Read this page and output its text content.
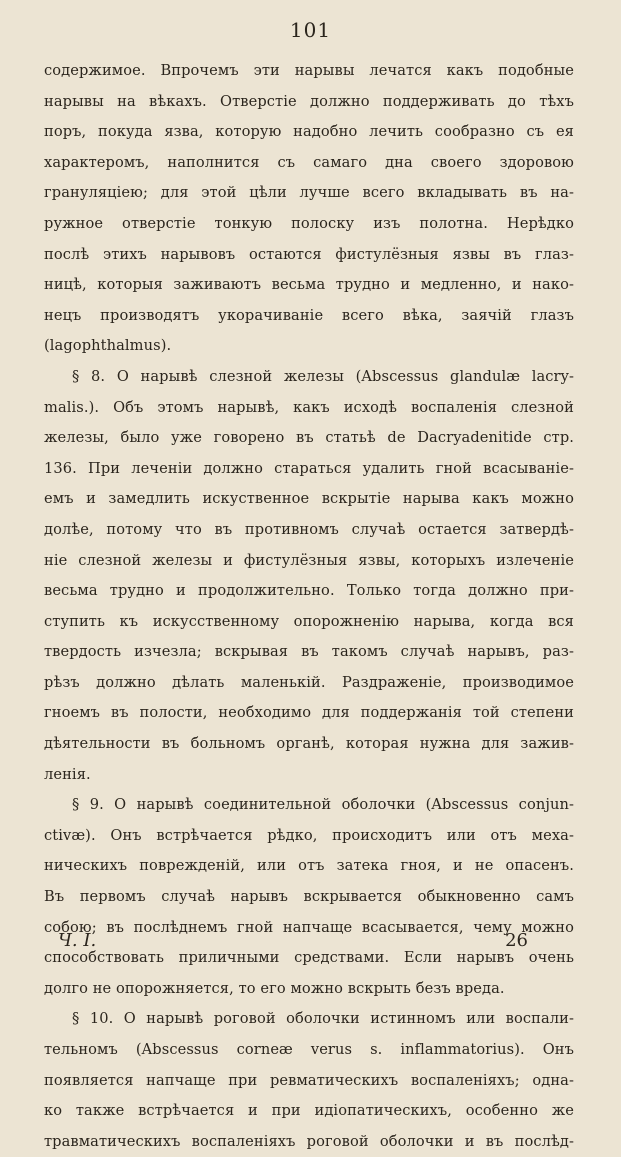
101
содержимое. Впрочемъ эти нарывы лечатся какъ подобные
нарывы на вѣкахъ. Отверстіе должно поддерживать до тѣхъ
поръ, покуда язва, которую надобно лечить сообразно съ ея
характеромъ, наполнится съ самаго дна своего здоровою
грануляціею; для этой цѣли лучше всего вкладывать въ на-
ружное отверстіе тонкую полоску изъ полотна. Нерѣдко
послѣ этихъ нарывовъ остаются фистулёзныя язвы въ глаз-
ницѣ, которыя заживаютъ весьма трудно и медленно, и нако-
нецъ производятъ укорачиваніе всего вѣка, заячій глазъ
(lagophthalmus).
§ 8. О нарывѣ слезной железы (Abscessus glandulæ lacry-
malis.). Объ этомъ нарывѣ, какъ исходѣ воспаленія слезной
железы, было уже говорено въ статьѣ de Dacryadenitide стр.
136. При леченіи должно стараться удалить гной всасываніе-
емъ и замедлить искуственное вскрытіе нарыва какъ можно
долѣе, потому что въ противномъ случаѣ остается затвердѣ-
ніе слезной железы и фистулёзныя язвы, которыхъ излеченіе
весьма трудно и продолжительно. Только тогда должно при-
ступить къ искусственному опорожненію нарыва, когда вся
твердость изчезла; вскрывая въ такомъ случаѣ нарывъ, раз-
рѣзъ должно дѣлать маленькій. Раздраженіе, производимое
гноемъ въ полости, необходимо для поддержанія той степени
дѣятельности въ больномъ органѣ, которая нужна для зажив-
ленія.
§ 9. О нарывѣ соединительной оболочки (Abscessus conjun-
ctivæ). Онъ встрѣчается рѣдко, происходитъ или отъ меха-
ническихъ поврежденій, или отъ затека гноя, и не опасенъ.
Въ первомъ случаѣ нарывъ вскрывается обыкновенно самъ
собою; въ послѣднемъ гной напчаще всасывается, чему можно
способствовать приличными средствами. Если нарывъ очень
долго не опорожняется, то его можно вскрыть безъ вреда.
§ 10. О нарывѣ роговой оболочки истинномъ или воспали-
тельномъ (Abscessus corneæ verus s. inflammatorius). Онъ
появляется напчаще при ревматическихъ воспаленіяхъ; одна-
ко также встрѣчается и при идіопатическихъ, особенно же
травматическихъ воспаленіяхъ роговой оболочки и въ послѣд-
Ч. I.	26
